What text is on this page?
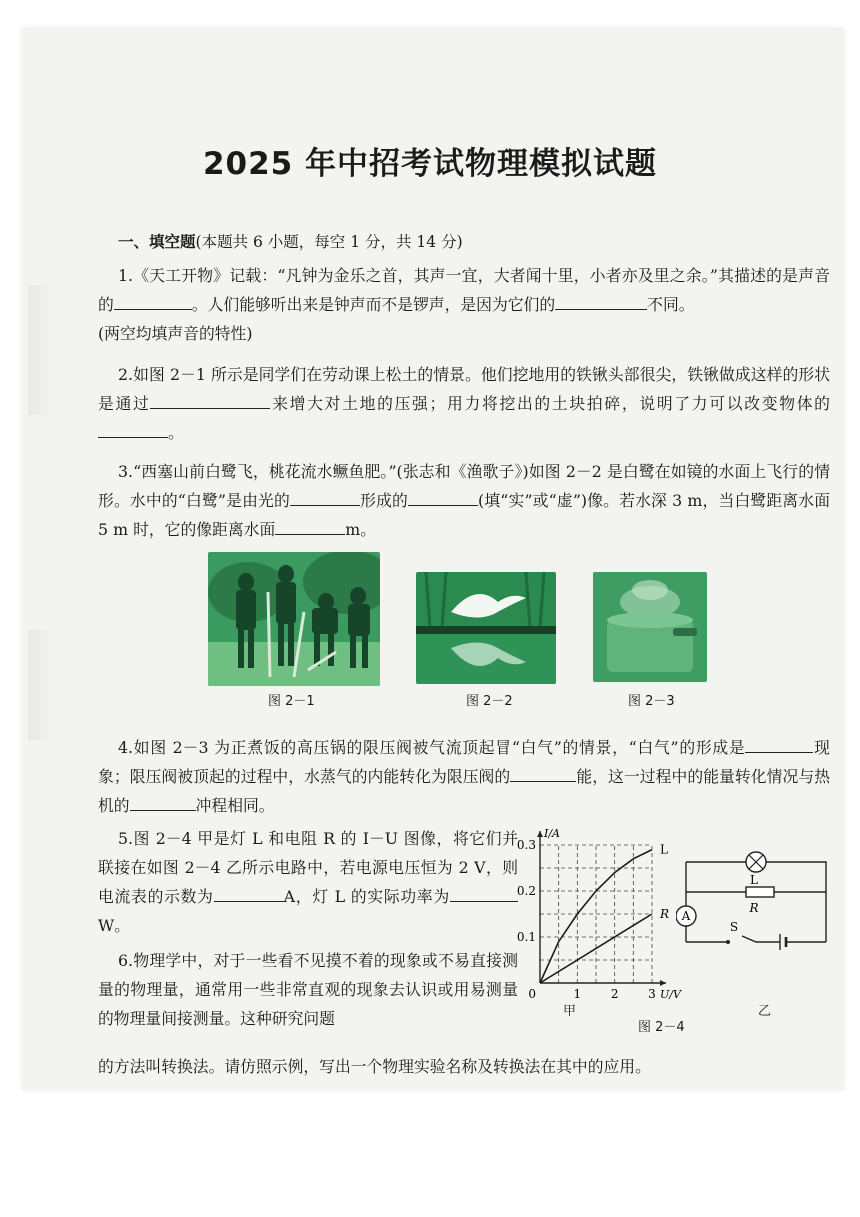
2025 年中招考试物理模拟试题
一、填空题(本题共 6 小题，每空 1 分，共 14 分)
1.《天工开物》记载：“凡钟为金乐之首，其声一宜，大者闻十里，小者亦及里之余。”其描述的是声音的	。人们能够听出来是钟声而不是锣声，是因为它们的	不同。
(两空均填声音的特性)
2.如图 2－1 所示是同学们在劳动课上松土的情景。他们挖地用的铁锹头部很尖，铁锹做成这样的形状是通过	来增大对土地的压强；用力将挖出的土块拍碎，说明了力可以改变物体的。
3.“西塞山前白鹭飞，桃花流水鳜鱼肥。”(张志和《渔歌子》)如图 2－2 是白鹭在如镜的水面上飞行的情形。水中的“白鹭”是由光的	形成的	(填“实”或“虚”)像。若水深 3 m，当白鹭距离水面 5 m 时，它的像距离水面	m。
图 2－1	图 2－2	图 2－3
4.如图 2－3 为正煮饭的高压锅的限压阀被气流顶起冒“白气”的情景，“白气”的形成是	现象；限压阀被顶起的过程中，水蒸气的内能转化为限压阀的	能，这一过程中的能量转化情况与热机的	冲程相同。
5.图 2－4 甲是灯 L 和电阻 R 的 I－U 图像，将它们并联接在如图 2－4 乙所示电路中，若电源电压恒为 2 V，则电流表的示数为	A，灯 L 的实际功率为W。
6.物理学中，对于一些看不见摸不着的现象或不易直接测量的物理量，通常用一些非常直观的现象去认识或用易测量的物理量间接测量。这种研究问题
的方法叫转换法。请仿照示例，写出一个物理实验名称及转换法在其中的应用。
1 2 3
0.1
0.2
0.3
0
I/A
U/V
L
R
甲
A
L
R
S
乙
图 2－4
